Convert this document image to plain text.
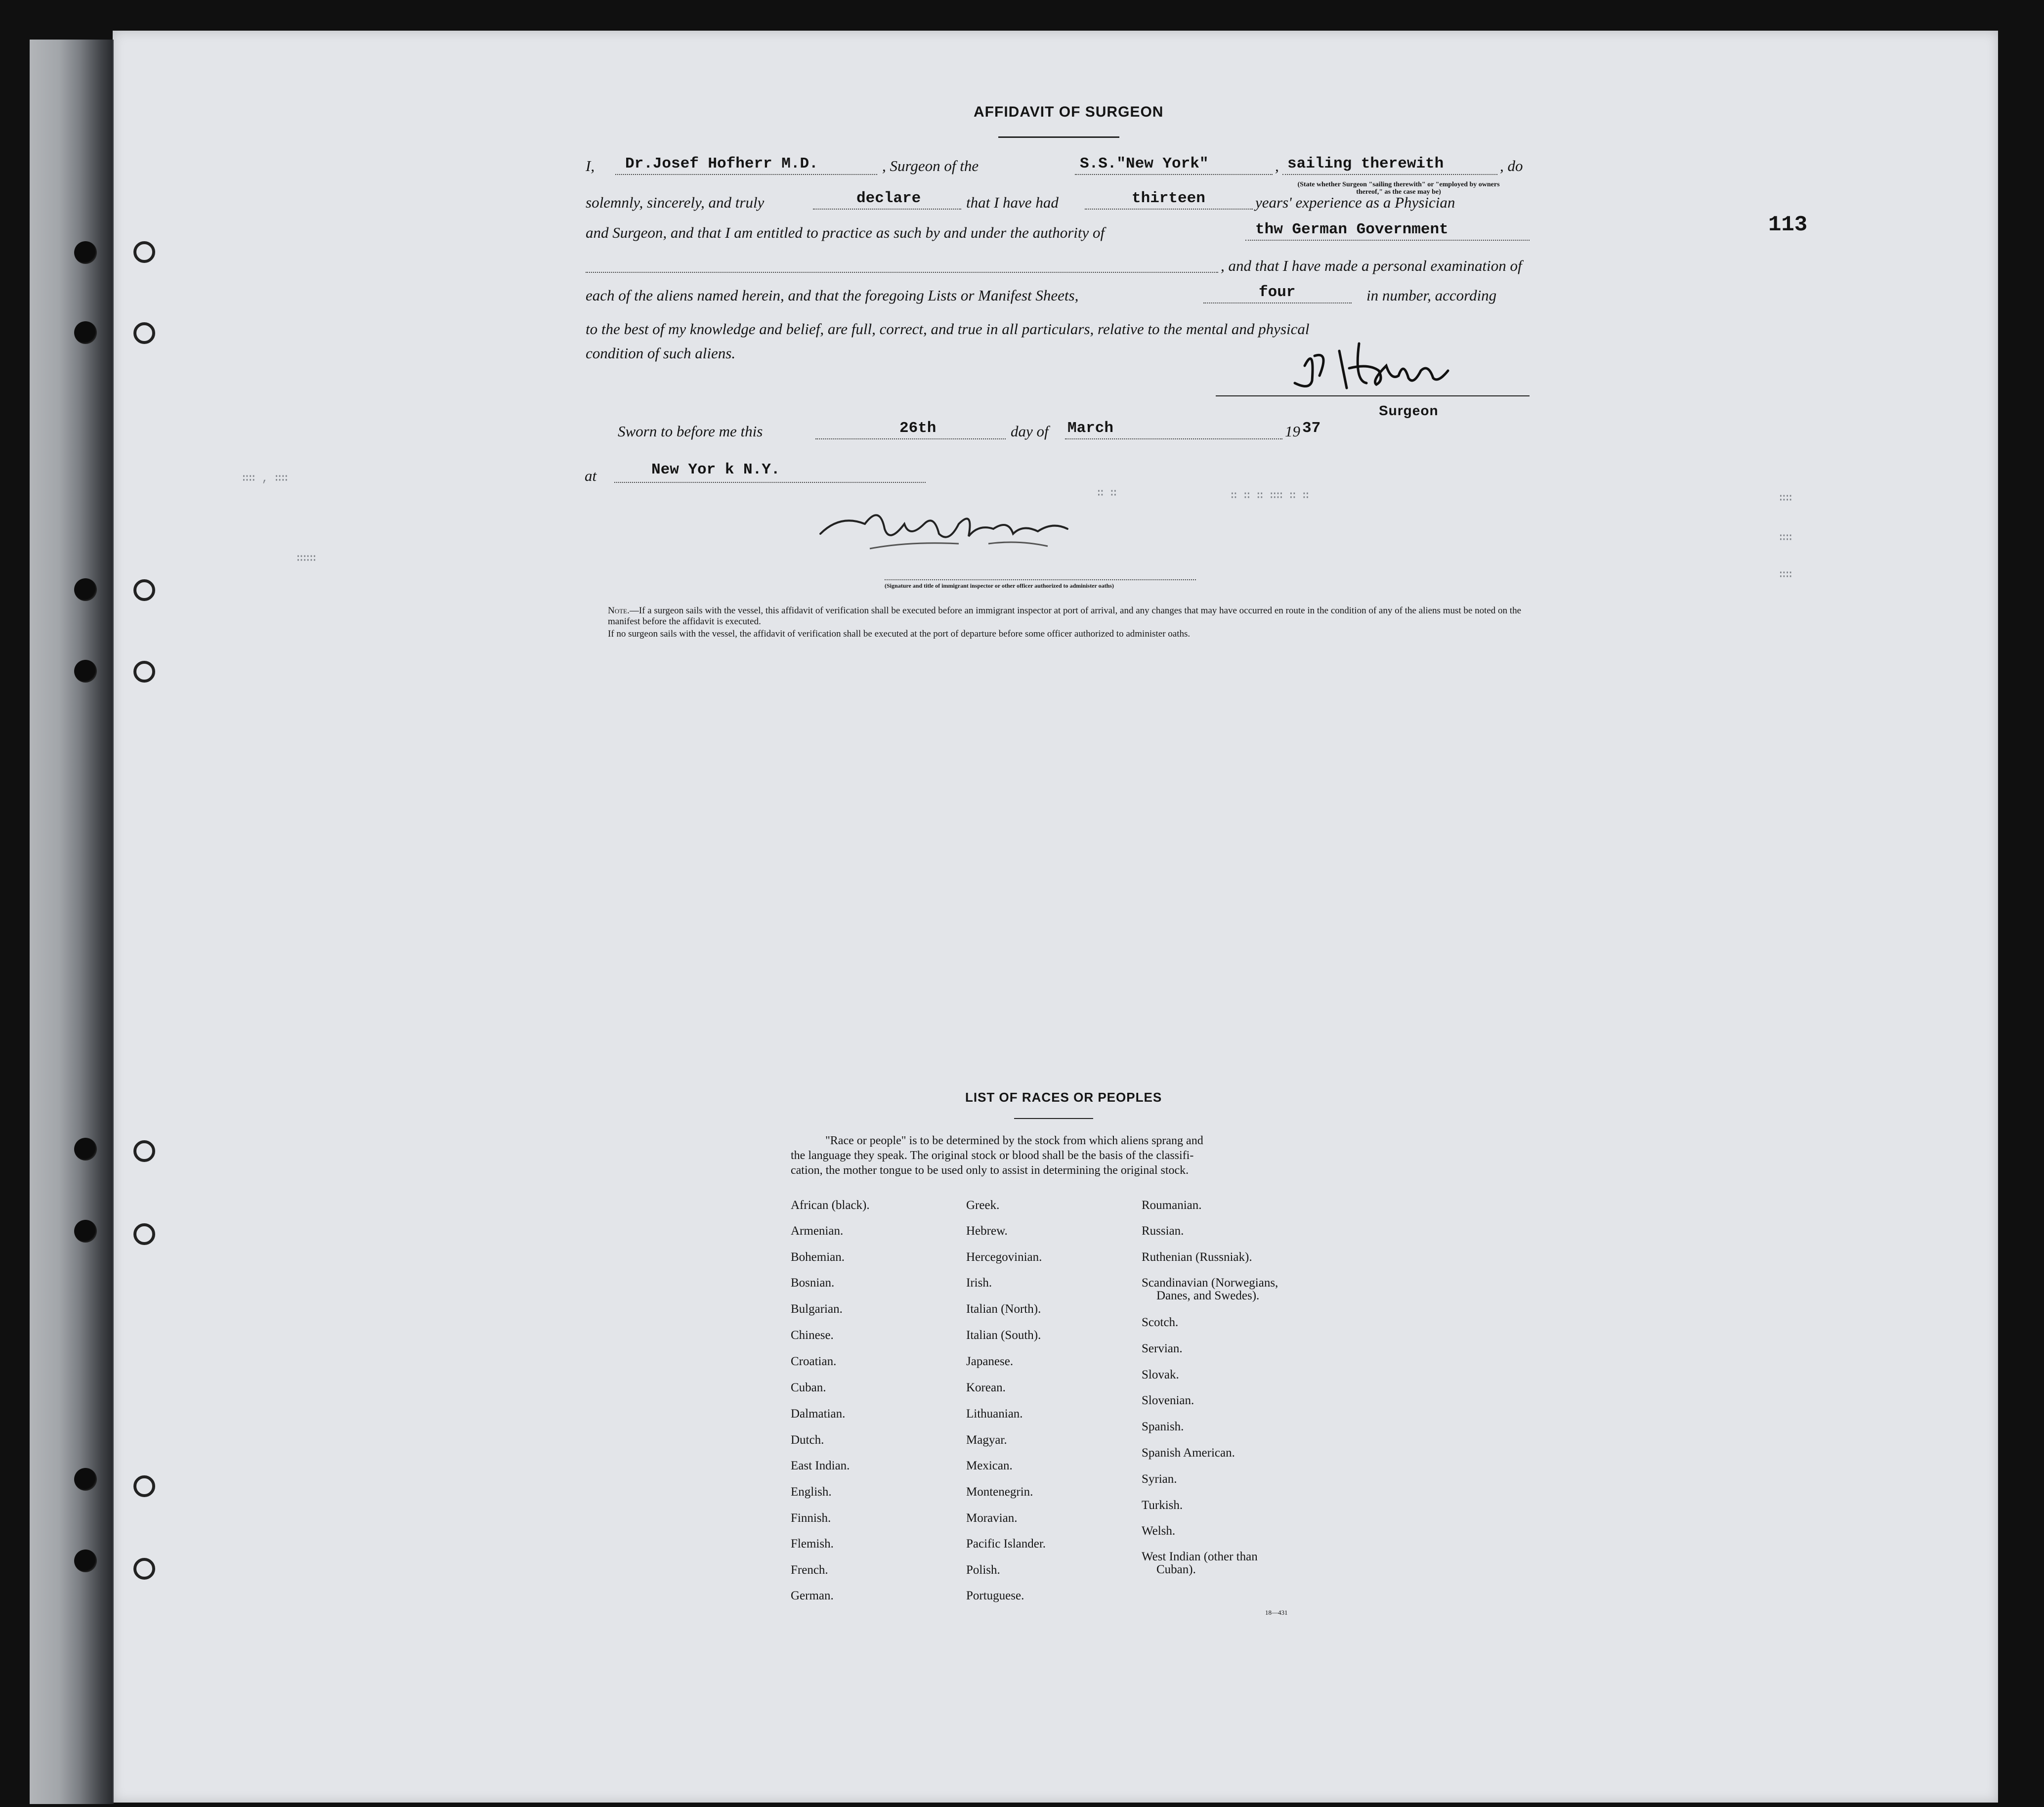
113
AFFIDAVIT OF SURGEON
I, Dr.Josef Hofherr M.D.	, Surgeon of the	S.S."New York"	, sailing therewith	, do
(State whether Surgeon "sailing therewith" or "employed by owners thereof," as the case may be)
solemnly, sincerely, and truly	declare	that I have had	thirteen	years' experience as a Physician
and Surgeon, and that I am entitled to practice as such by and under the authority of	thw German Government
, and that I have made a personal examination of
each of the aliens named herein, and that the foregoing Lists or Manifest Sheets,	four	in number, according
to the best of my knowledge and belief, are full, correct, and true in all particulars, relative to the mental and physical
condition of such aliens.
Surgeon
Sworn to before me this	26th	day of March	19 37
at	New Yor k N.Y.
∷∷ , ∷∷
∷∷∷
∷ ∷	∷ ∷ ∷ ∷∷ ∷ ∷	∷∷
∷∷
∷∷
(Signature and title of immigrant inspector or other officer authorized to administer oaths)
Note.—If a surgeon sails with the vessel, this affidavit of verification shall be executed before an immigrant inspector at port of arrival, and any changes that may have occurred en route in the condition of any of the aliens must be noted on the manifest before the affidavit is executed.
If no surgeon sails with the vessel, the affidavit of verification shall be executed at the port of departure before some officer authorized to administer oaths.
LIST OF RACES OR PEOPLES
"Race or people" is to be determined by the stock from which aliens sprang and
the language they speak. The original stock or blood shall be the basis of the classifi-
cation, the mother tongue to be used only to assist in determining the original stock.
African (black).
Armenian.
Bohemian.
Bosnian.
Bulgarian.
Chinese.
Croatian.
Cuban.
Dalmatian.
Dutch.
East Indian.
English.
Finnish.
Flemish.
French.
German.
Greek.
Hebrew.
Hercegovinian.
Irish.
Italian (North).
Italian (South).
Japanese.
Korean.
Lithuanian.
Magyar.
Mexican.
Montenegrin.
Moravian.
Pacific Islander.
Polish.
Portuguese.
Roumanian.
Russian.
Ruthenian (Russniak).
Scandinavian (Norwegians,
Danes, and Swedes).
Scotch.
Servian.
Slovak.
Slovenian.
Spanish.
Spanish American.
Syrian.
Turkish.
Welsh.
West Indian (other than
Cuban).
18—431
